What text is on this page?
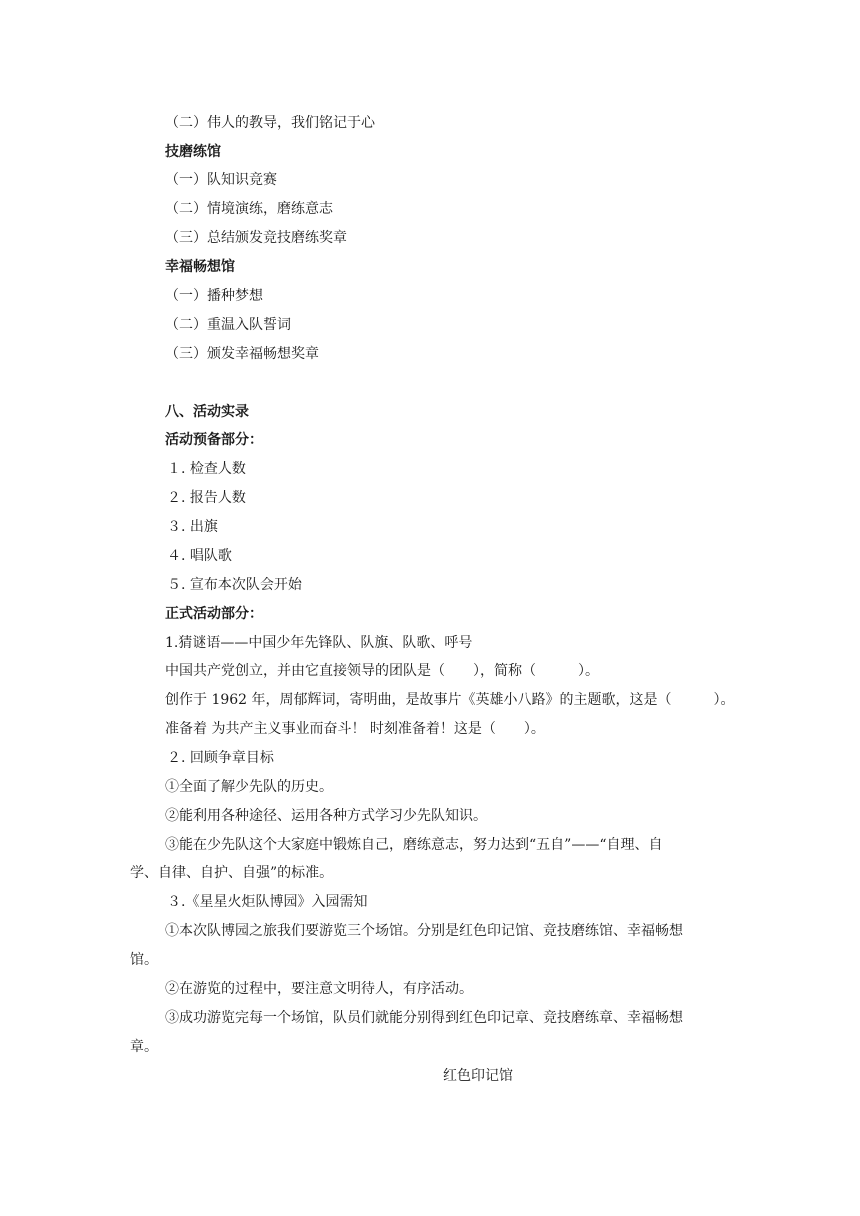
（二）伟人的教导，我们铭记于心
技磨练馆
（一）队知识竞赛
（二）情境演练，磨练意志
（三）总结颁发竞技磨练奖章
幸福畅想馆
（一）播种梦想
（二）重温入队誓词
（三）颁发幸福畅想奖章
八、活动实录
活动预备部分：
１. 检查人数
２. 报告人数
３. 出旗
４. 唱队歌
５. 宣布本次队会开始
正式活动部分：
1.猜谜语——中国少年先锋队、队旗、队歌、呼号
中国共产党创立，并由它直接领导的团队是（　　），简称（　　　）。
创作于 1962 年，周郁辉词，寄明曲，是故事片《英雄小八路》的主题歌，这是（　　　）。
准备着 为共产主义事业而奋斗！ 时刻准备着！这是（　　）。
２. 回顾争章目标
①全面了解少先队的历史。
②能利用各种途径、运用各种方式学习少先队知识。
③能在少先队这个大家庭中锻炼自己，磨练意志，努力达到“五自”——“自理、自
学、自律、自护、自强”的标准。
３.《星星火炬队博园》入园需知
①本次队博园之旅我们要游览三个场馆。分别是红色印记馆、竞技磨练馆、幸福畅想
馆。
②在游览的过程中，要注意文明待人，有序活动。
③成功游览完每一个场馆，队员们就能分别得到红色印记章、竞技磨练章、幸福畅想
章。
红色印记馆
